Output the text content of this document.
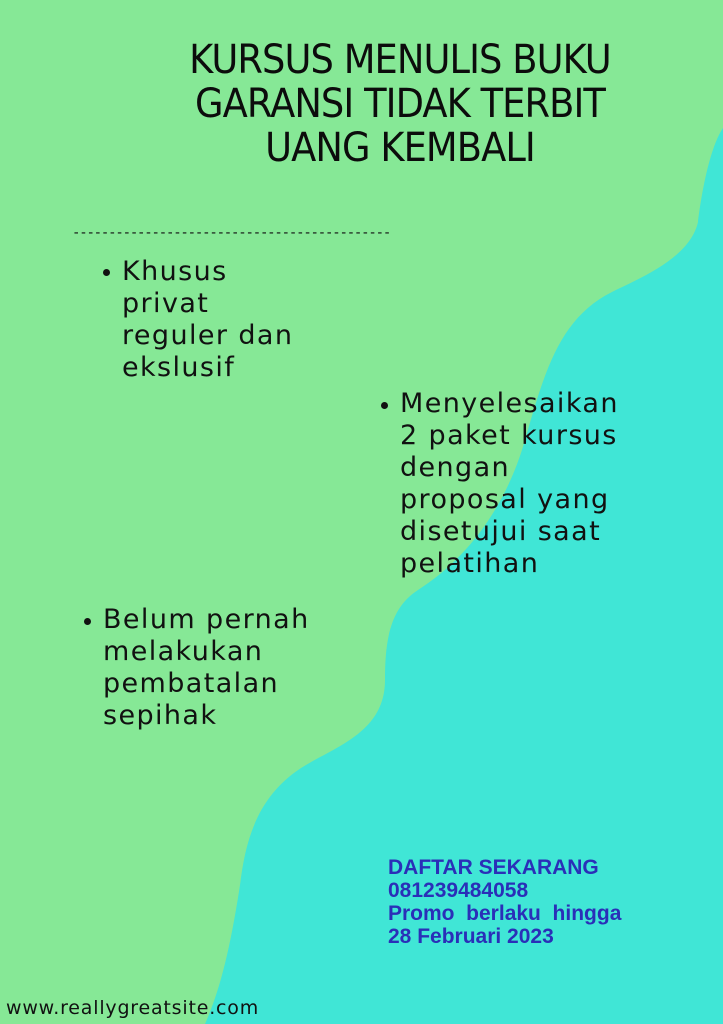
KURSUS MENULIS BUKU
GARANSI TIDAK TERBIT
UANG KEMBALI
--------------------------------------------
Khusus
privat
reguler dan
ekslusif
Menyelesaikan
2 paket kursus
dengan
proposal yang
disetujui saat
pelatihan
Belum pernah
melakukan
pembatalan
sepihak
DAFTAR SEKARANG
081239484058
Promo  berlaku  hingga
28 Februari 2023
www.reallygreatsite.com
